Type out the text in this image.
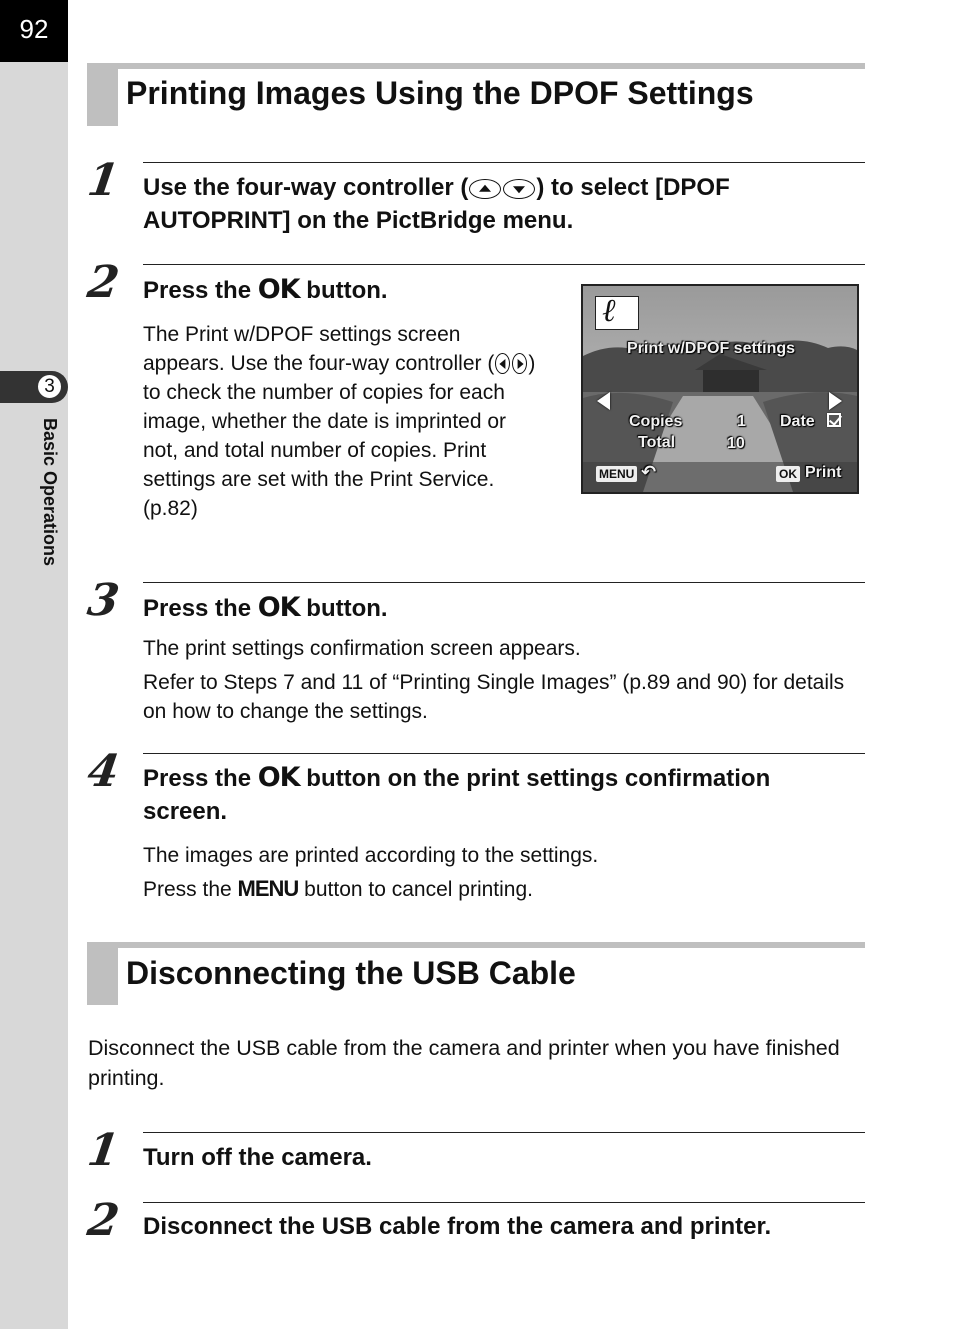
92
3
Basic Operations
Printing Images Using the DPOF Settings
1 Use the four-way controller (	) to select [DPOF AUTOPRINT] on the PictBridge menu.
2 Press the OK button.
The Print w/DPOF settings screen appears. Use the four-way controller ( ) to check the number of copies for each image, whether the date is imprinted or not, and total number of copies. Print settings are set with the Print Service. (p.82)
ℓ
Print w/DPOF settings
Copies	1 Date
Total	10
MENU ↶	OK Print
3 Press the OK button.
The print settings confirmation screen appears.
Refer to Steps 7 and 11 of “Printing Single Images” (p.89 and 90) for details on how to change the settings.
4 Press the OK button on the print settings confirmation screen.
The images are printed according to the settings.
Press the MENU button to cancel printing.
Disconnecting the USB Cable
Disconnect the USB cable from the camera and printer when you have finished printing.
1 Turn off the camera.
2 Disconnect the USB cable from the camera and printer.
